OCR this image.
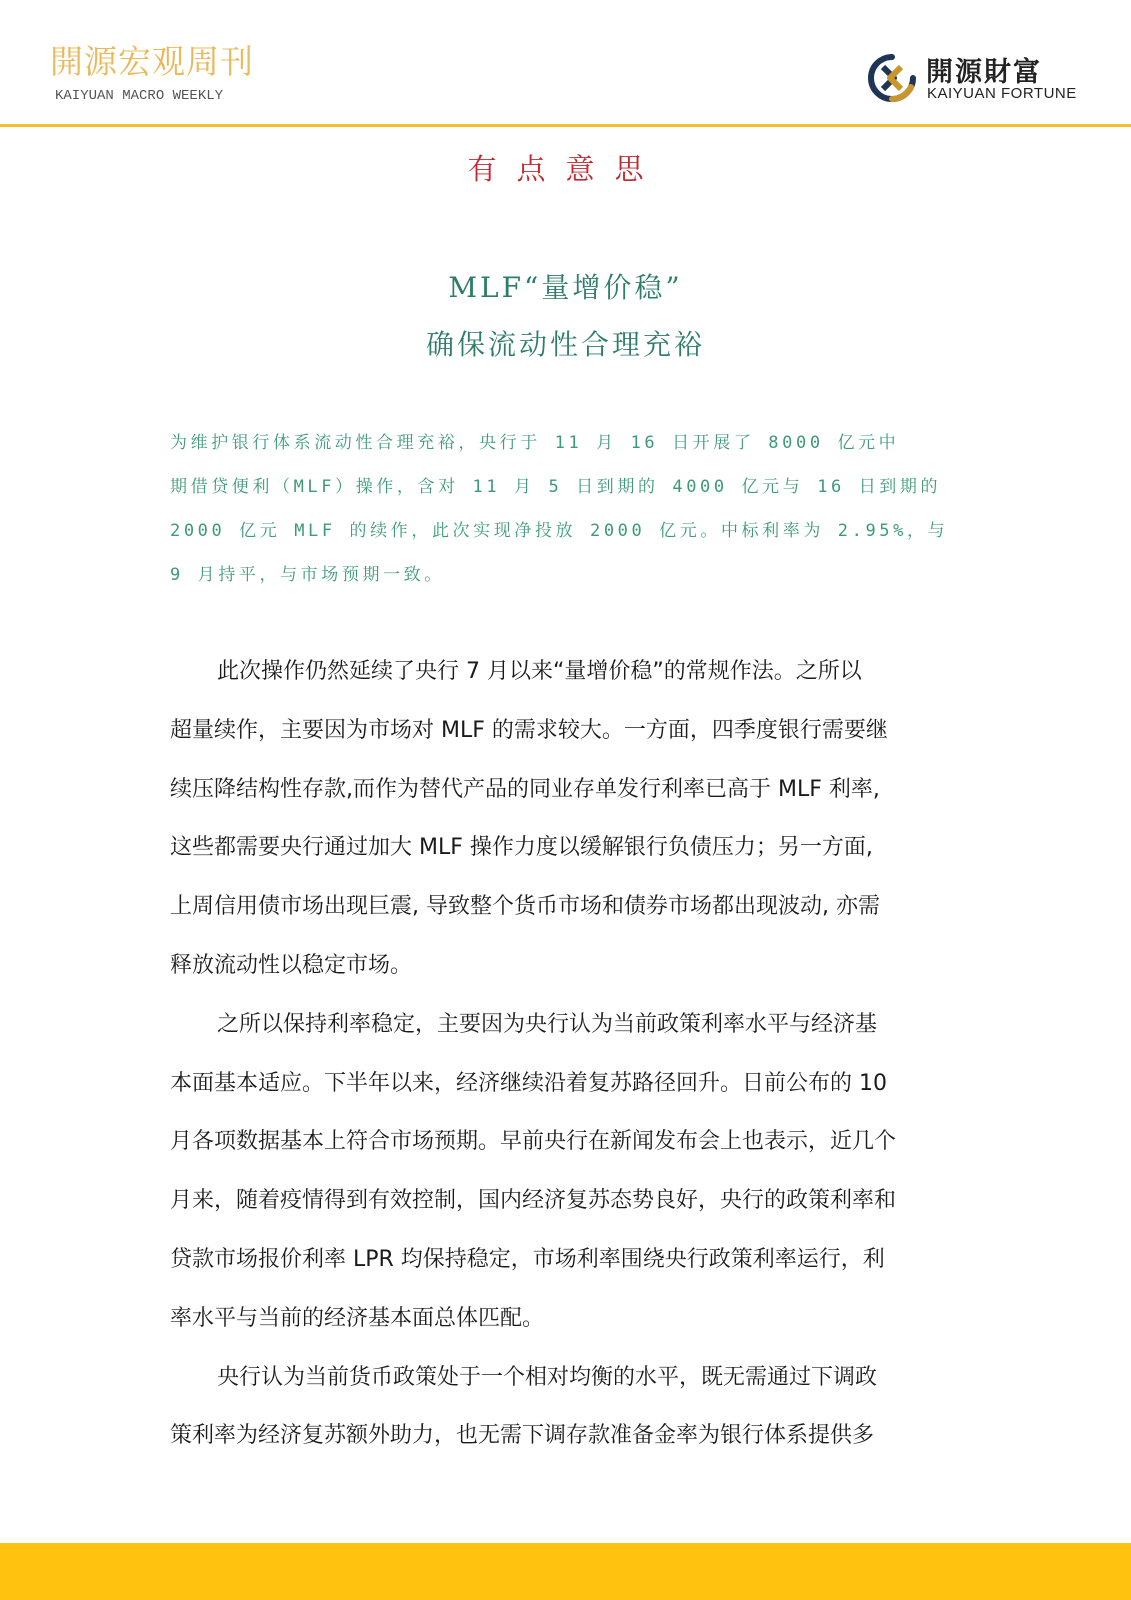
開源宏观周刊
KAIYUAN MACRO WEEKLY
開源財富
KAIYUAN FORTUNE
有点意思
MLF“量增价稳”
确保流动性合理充裕
为维护银行体系流动性合理充裕，央行于 11 月 16 日开展了 8000 亿元中
期借贷便利（MLF）操作，含对 11 月 5 日到期的 4000 亿元与 16 日到期的
2000 亿元 MLF 的续作，此次实现净投放 2000 亿元。中标利率为 2.95%，与
9 月持平，与市场预期一致。
此次操作仍然延续了央行 7 月以来“量增价稳”的常规作法。之所以
超量续作，主要因为市场对 MLF 的需求较大。一方面，四季度银行需要继
续压降结构性存款,而作为替代产品的同业存单发行利率已高于 MLF 利率,
这些都需要央行通过加大 MLF 操作力度以缓解银行负债压力；另一方面,
上周信用债市场出现巨震, 导致整个货币市场和债券市场都出现波动, 亦需
释放流动性以稳定市场。
之所以保持利率稳定，主要因为央行认为当前政策利率水平与经济基
本面基本适应。下半年以来，经济继续沿着复苏路径回升。日前公布的 10
月各项数据基本上符合市场预期。早前央行在新闻发布会上也表示，近几个
月来，随着疫情得到有效控制，国内经济复苏态势良好，央行的政策利率和
贷款市场报价利率 LPR 均保持稳定，市场利率围绕央行政策利率运行，利
率水平与当前的经济基本面总体匹配。
央行认为当前货币政策处于一个相对均衡的水平，既无需通过下调政
策利率为经济复苏额外助力，也无需下调存款准备金率为银行体系提供多
